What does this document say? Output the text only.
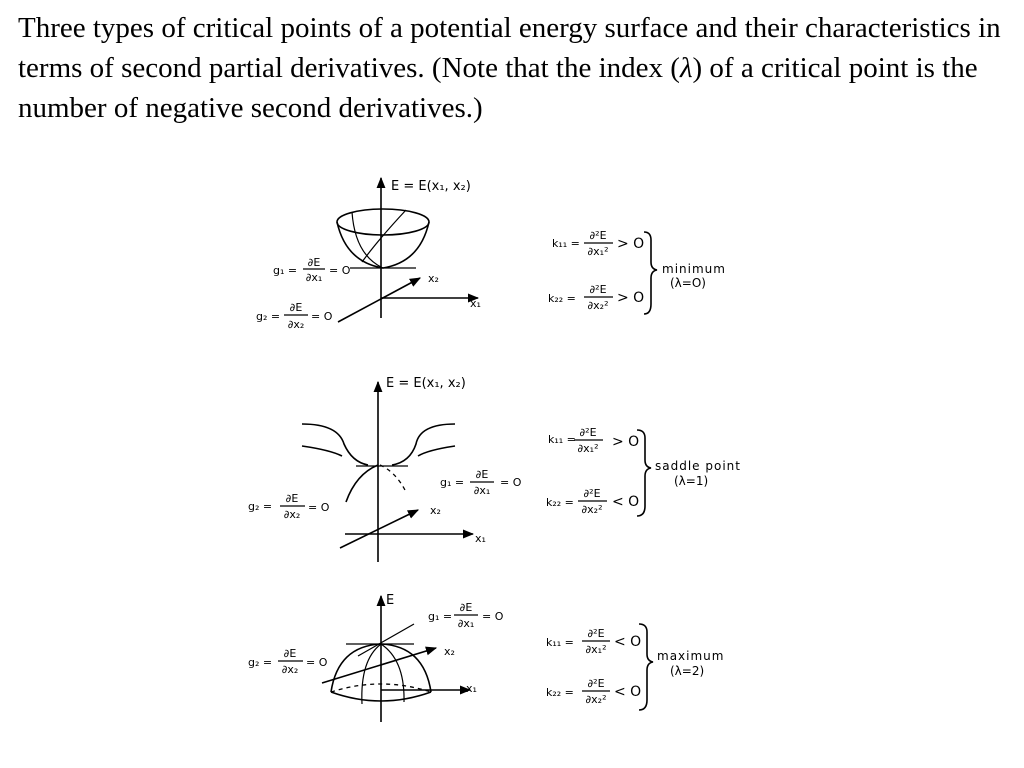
Three types of critical points of a potential energy surface and their characteristics in terms of second partial derivatives. (Note that the index (λ) of a critical point is the number of negative second derivatives.)
E = E(x₁, x₂)
x₁
x₂
g₁ =
∂E
∂x₁
= O
g₂ =
∂E
∂x₂
= O
k₁₁ =
∂²E
∂x₁² > O
k₂₂ =
∂²E
∂x₂² > O
minimum
(λ=O)
E = E(x₁, x₂)
x₁
x₂
g₁ =
∂E
∂x₁
= O
g₂ =
∂E
∂x₂
= O
k₁₁ =
∂²E
∂x₁² > O
k₂₂ =
∂²E
∂x₂² < O
saddle point
(λ=1)
E
x₁
x₂
g₁ =
∂E
∂x₁
= O
g₂ =
∂E
∂x₂
= O
k₁₁ =
∂²E
∂x₁² < O
k₂₂ =
∂²E
∂x₂² < O
maximum
(λ=2)
